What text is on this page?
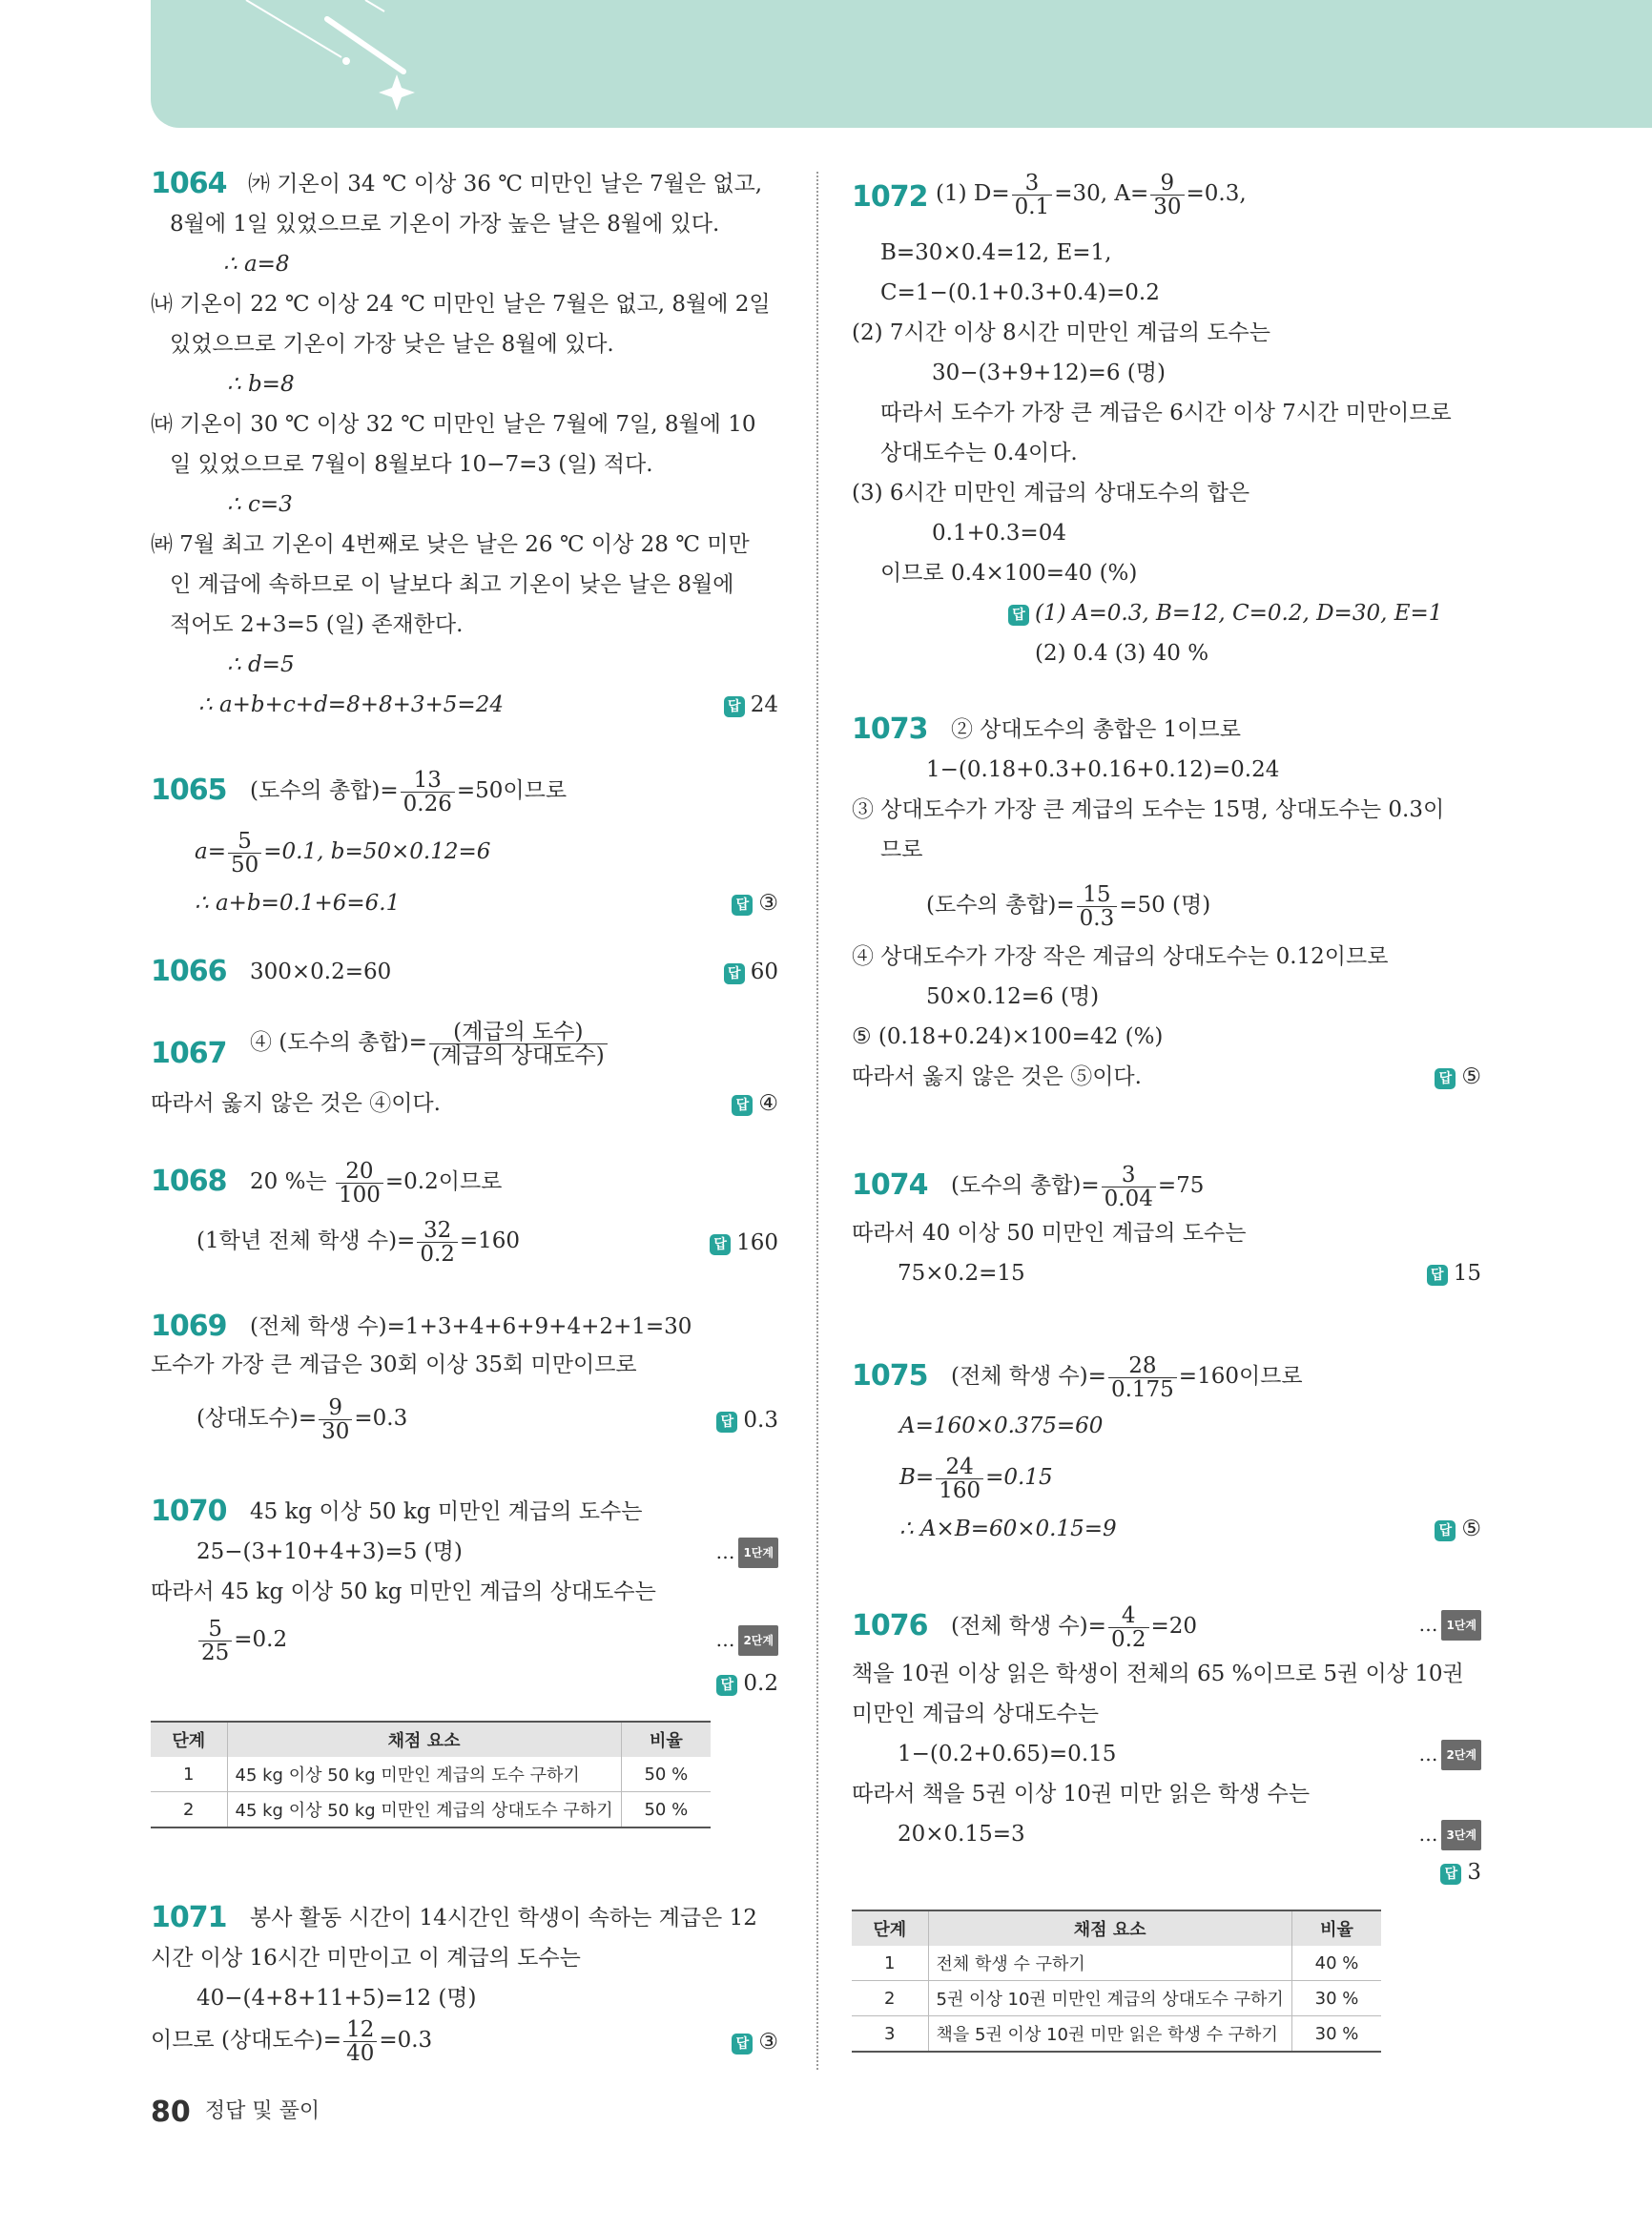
1064 ㈎ 기온이 34 ℃ 이상 36 ℃ 미만인 날은 7월은 없고,
8월에 1일 있었으므로 기온이 가장 높은 날은 8월에 있다.
∴ a=8
㈏ 기온이 22 ℃ 이상 24 ℃ 미만인 날은 7월은 없고, 8월에 2일
있었으므로 기온이 가장 낮은 날은 8월에 있다.
∴ b=8
㈐ 기온이 30 ℃ 이상 32 ℃ 미만인 날은 7월에 7일, 8월에 10
일 있었으므로 7월이 8월보다 10−7=3 (일) 적다.
∴ c=3
㈑ 7월 최고 기온이 4번째로 낮은 날은 26 ℃ 이상 28 ℃ 미만
인 계급에 속하므로 이 날보다 최고 기온이 낮은 날은 8월에
적어도 2+3=5 (일) 존재한다.
∴ d=5
∴ a+b+c+d=8+8+3+5=24	답 24
1065 (도수의 총합)= $\frac{13}{0.26} =50$이므로
$a= \frac{5}{50} =0.1$, b=50×0.12=6
∴ a+b=0.1+6=6.1	답 ③
1066 300×0.2=60	답 60
1067 ④ (도수의 총합)= $\frac{\text{(계급의 도수)}}{\text{(계급의 상대도수)}}$
따라서 옳지 않은 것은 ④이다.	답 ④
1068 20 %는 $\frac{20}{100} =0.2$이므로
(1학년 전체 학생 수)= $\frac{32}{0.2} =160$	답 160
1069 (전체 학생 수)=1+3+4+6+9+4+2+1=30
도수가 가장 큰 계급은 30회 이상 35회 미만이므로
(상대도수)= $\frac{9}{30} =0.3$	답 0.3
1070 45 kg 이상 50 kg 미만인 계급의 도수는
25−(3+10+4+3)=5 (명)	… 1단계
따라서 45 kg 이상 50 kg 미만인 계급의 상대도수는
$\frac{5}{25} =0.2$	… 2단계
답 0.2
단계	채점 요소	비율
1	45 kg 이상 50 kg 미만인 계급의 도수 구하기	50 %
2	45 kg 이상 50 kg 미만인 계급의 상대도수 구하기	50 %
1071 봉사 활동 시간이 14시간인 학생이 속하는 계급은 12
시간 이상 16시간 미만이고 이 계급의 도수는
40−(4+8+11+5)=12 (명)
이므로 (상대도수)= $\frac{12}{40} =0.3$	답 ③
1072 (1) $D= \frac{3}{0.1} =30$, $A= \frac{9}{30} =0.3$,
B=30×0.4=12, E=1,
C=1−(0.1+0.3+0.4)=0.2
(2) 7시간 이상 8시간 미만인 계급의 도수는
30−(3+9+12)=6 (명)
따라서 도수가 가장 큰 계급은 6시간 이상 7시간 미만이므로
상대도수는 0.4이다.
(3) 6시간 미만인 계급의 상대도수의 합은
0.1+0.3=04
이므로 0.4×100=40 (%)
답 (1) A=0.3, B=12, C=0.2, D=30, E=1
(2) 0.4 (3) 40 %
1073 ② 상대도수의 총합은 1이므로
1−(0.18+0.3+0.16+0.12)=0.24
③ 상대도수가 가장 큰 계급의 도수는 15명, 상대도수는 0.3이
므로
(도수의 총합)= $\frac{15}{0.3} =50$ (명)
④ 상대도수가 가장 작은 계급의 상대도수는 0.12이므로
50×0.12=6 (명)
⑤ (0.18+0.24)×100=42 (%)
따라서 옳지 않은 것은 ⑤이다.	답 ⑤
1074 (도수의 총합)= $\frac{3}{0.04} =75$
따라서 40 이상 50 미만인 계급의 도수는
75×0.2=15	답 15
1075 (전체 학생 수)= $\frac{28}{0.175} =160$이므로
A=160×0.375=60
$B= \frac{24}{160} =0.15$
∴ A×B=60×0.15=9	답 ⑤
1076 (전체 학생 수)= $\frac{4}{0.2} =20$	… 1단계
책을 10권 이상 읽은 학생이 전체의 65 %이므로 5권 이상 10권
미만인 계급의 상대도수는
1−(0.2+0.65)=0.15	… 2단계
따라서 책을 5권 이상 10권 미만 읽은 학생 수는
20×0.15=3	… 3단계
답 3
단계	채점 요소	비율
1	전체 학생 수 구하기	40 %
2	5권 이상 10권 미만인 계급의 상대도수 구하기	30 %
3	책을 5권 이상 10권 미만 읽은 학생 수 구하기	30 %
80 정답 및 풀이
